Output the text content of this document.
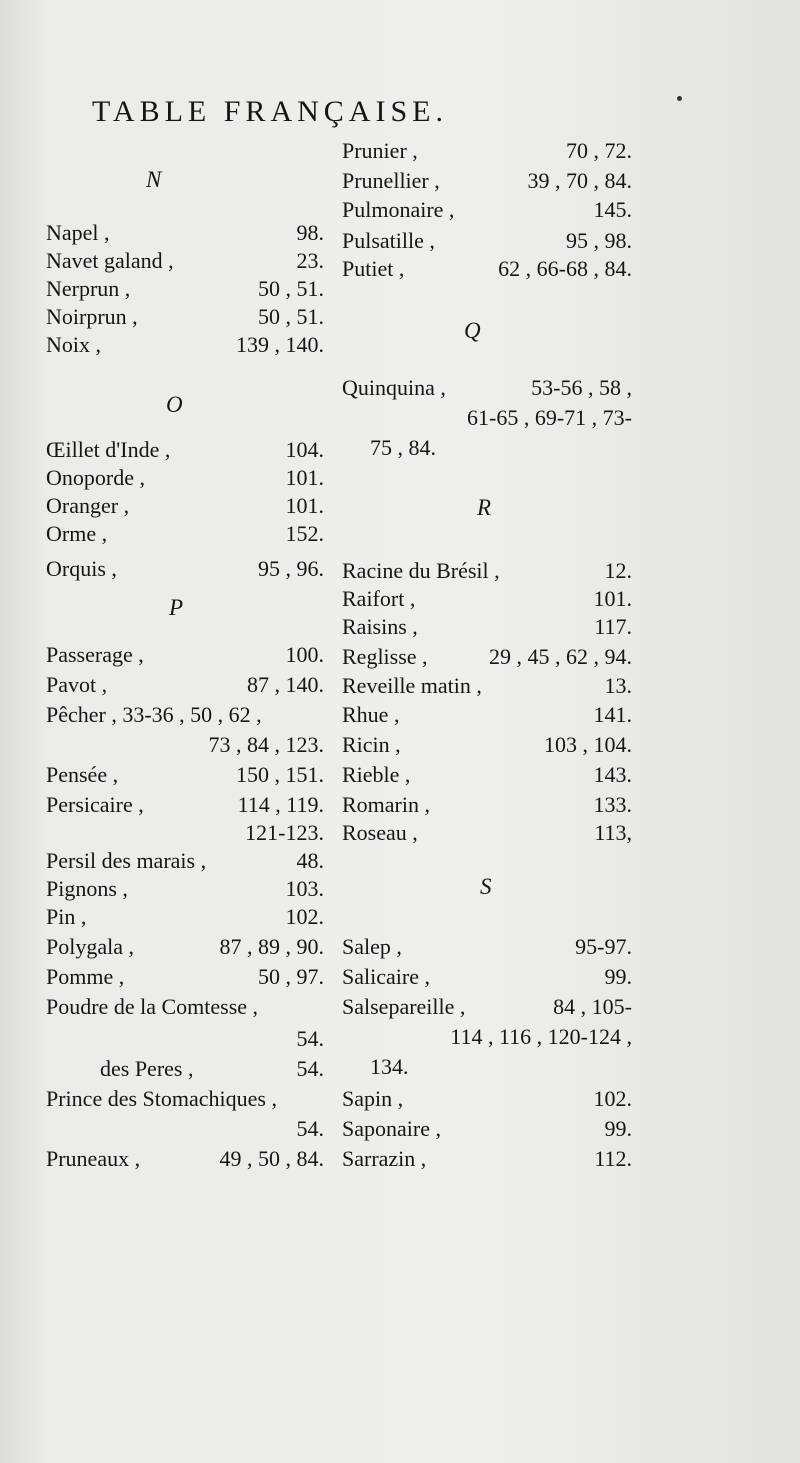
TABLE FRANÇAISE.
N
O
P
Napel ,	98.
Navet galand ,	23.
Nerprun ,	50 , 51.
Noirprun ,	50 , 51.
Noix ,	139 , 140.
Œillet d'Inde ,	104.
Onoporde ,	101.
Oranger ,	101.
Orme ,	152.
Orquis ,	95 , 96.
Passerage ,	100.
Pavot ,	87 , 140.
Pêcher , 33-36 , 50 , 62 ,
73 , 84 , 123.
Pensée ,	150 , 151.
Persicaire ,	114 , 119.
121-123.
Persil des marais ,	48.
Pignons ,	103.
Pin ,	102.
Polygala ,	87 , 89 , 90.
Pomme ,	50 , 97.
Poudre de la Comtesse ,
54.
des Peres ,	54.
Prince des Stomachiques ,
54.
Pruneaux ,	49 , 50 , 84.
Prunier ,	70 , 72.
Prunellier ,	39 , 70 , 84.
Pulmonaire ,	145.
Pulsatille ,	95 , 98.
Putiet ,	62 , 66-68 , 84.
Q
Quinquina ,	53-56 , 58 ,
61-65 , 69-71 , 73-
75 , 84.
R
Racine du Brésil ,	12.
Raifort ,	101.
Raisins ,	117.
Reglisse ,	29 , 45 , 62 , 94.
Reveille matin ,	13.
Rhue ,	141.
Ricin ,	103 , 104.
Rieble ,	143.
Romarin ,	133.
Roseau ,	113,
S
Salep ,	95-97.
Salicaire ,	99.
Salsepareille ,	84 , 105-
114 , 116 , 120-124 ,
134.
Sapin ,	102.
Saponaire ,	99.
Sarrazin ,	112.
